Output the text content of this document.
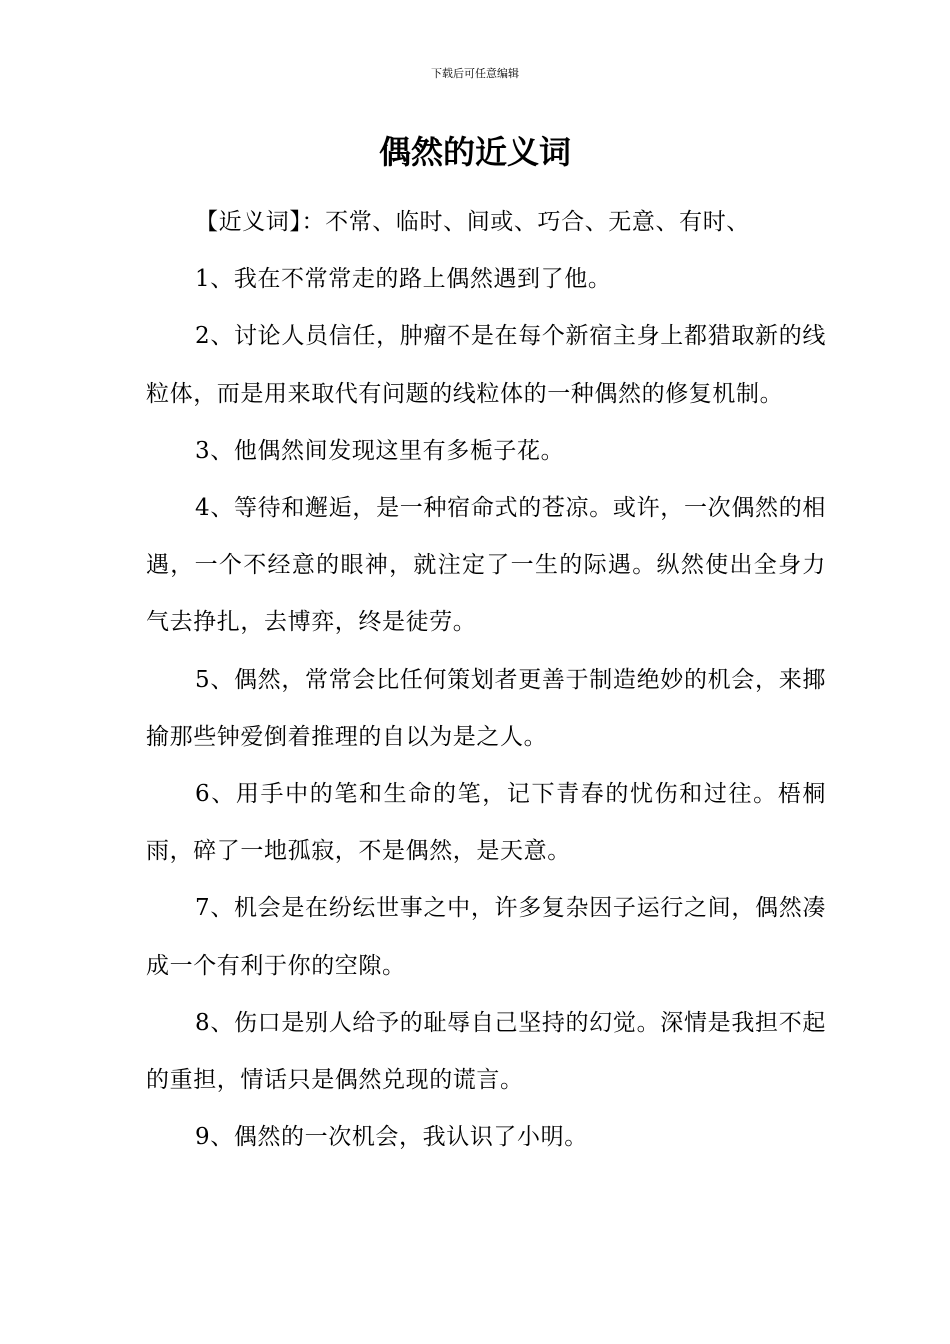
下载后可任意编辑
偶然的近义词

【近义词】：不常、临时、间或、巧合、无意、有时、

1、我在不常常走的路上偶然遇到了他。

2、讨论人员信任，肿瘤不是在每个新宿主身上都猎取新的线粒体，而是用来取代有问题的线粒体的一种偶然的修复机制。

3、他偶然间发现这里有多栀子花。

4、等待和邂逅，是一种宿命式的苍凉。或许，一次偶然的相遇，一个不经意的眼神，就注定了一生的际遇。纵然使出全身力气去挣扎，去博弈，终是徒劳。

5、偶然，常常会比任何策划者更善于制造绝妙的机会，来揶揄那些钟爱倒着推理的自以为是之人。

6、用手中的笔和生命的笔，记下青春的忧伤和过往。梧桐雨，碎了一地孤寂，不是偶然，是天意。

7、机会是在纷纭世事之中，许多复杂因子运行之间，偶然凑成一个有利于你的空隙。

8、伤口是别人给予的耻辱自己坚持的幻觉。深情是我担不起的重担，情话只是偶然兑现的谎言。

9、偶然的一次机会，我认识了小明。
